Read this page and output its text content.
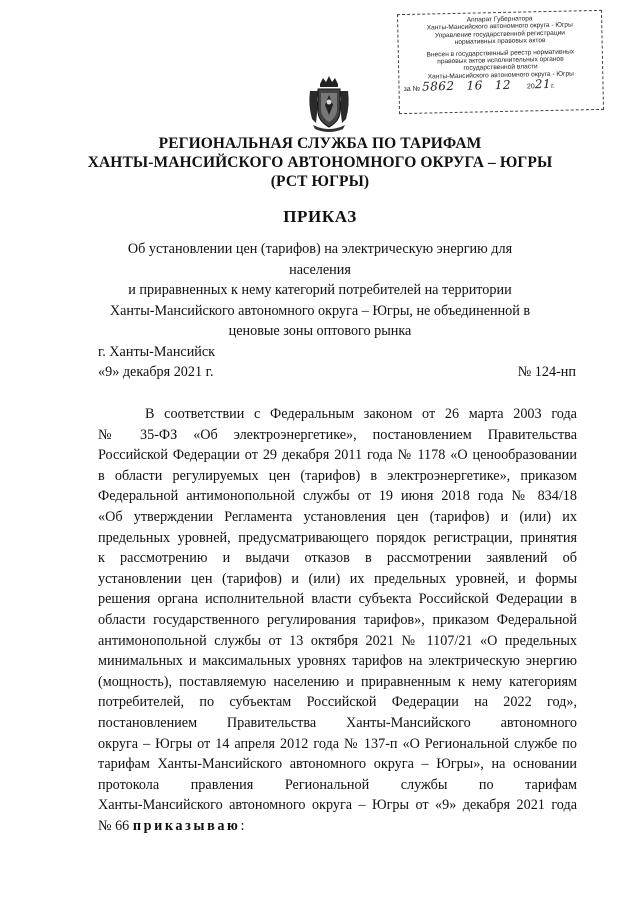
Аппарат Губернатора
Ханты-Мансийского автономного округа - Югры
Управление государственной регистрации
нормативных правовых актов
Внесен в государственный реестр нормативных
правовых актов исполнительных органов
государственной власти
Ханты-Мансийского автономного округа - Югры
за № 5862 16 12 2021г.
РЕГИОНАЛЬНАЯ СЛУЖБА ПО ТАРИФАМ
ХАНТЫ-МАНСИЙСКОГО АВТОНОМНОГО ОКРУГА – ЮГРЫ
(РСТ ЮГРЫ)
ПРИКАЗ
Об установлении цен (тарифов) на электрическую энергию для населения
и приравненных к нему категорий потребителей на территории
Ханты-Мансийского автономного округа – Югры, не объединенной в
ценовые зоны оптового рынка
г. Ханты-Мансийск
«9» декабря 2021 г.	№ 124-нп
В соответствии с Федеральным законом от 26 марта 2003 года
№ 35-ФЗ «Об электроэнергетике», постановлением Правительства
Российской Федерации от 29 декабря 2011 года № 1178 «О ценообразовании
в области регулируемых цен (тарифов) в электроэнергетике», приказом
Федеральной антимонопольной службы от 19 июня 2018 года № 834/18
«Об утверждении Регламента установления цен (тарифов) и (или) их
предельных уровней, предусматривающего порядок регистрации, принятия
к рассмотрению и выдачи отказов в рассмотрении заявлений об
установлении цен (тарифов) и (или) их предельных уровней, и формы
решения органа исполнительной власти субъекта Российской Федерации в
области государственного регулирования тарифов», приказом Федеральной
антимонопольной службы от 13 октября 2021 № 1107/21 «О предельных
минимальных и максимальных уровнях тарифов на электрическую энергию
(мощность), поставляемую населению и приравненным к нему категориям
потребителей, по субъектам Российской Федерации на 2022 год»,
постановлением Правительства Ханты-Мансийского автономного
округа – Югры от 14 апреля 2012 года № 137-п «О Региональной службе по
тарифам Ханты-Мансийского автономного округа – Югры», на основании
протокола правления Региональной службы по тарифам
Ханты-Мансийского автономного округа – Югры от «9» декабря 2021 года
№ 66 приказываю:
